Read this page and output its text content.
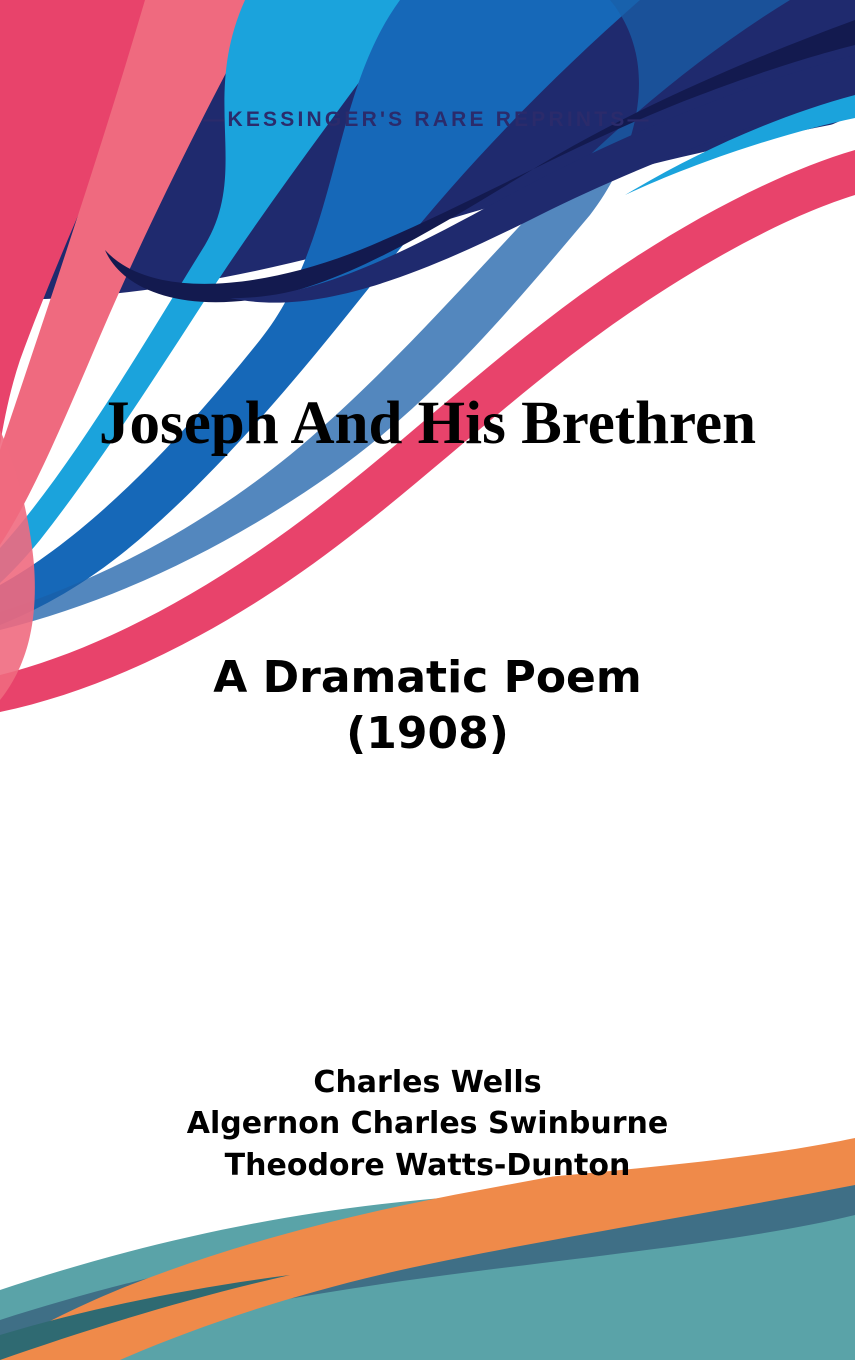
—KESSINGER'S RARE REPRINTS—
Joseph And His Brethren
A Dramatic Poem
(1908)
Charles Wells
Algernon Charles Swinburne
Theodore Watts-Dunton
